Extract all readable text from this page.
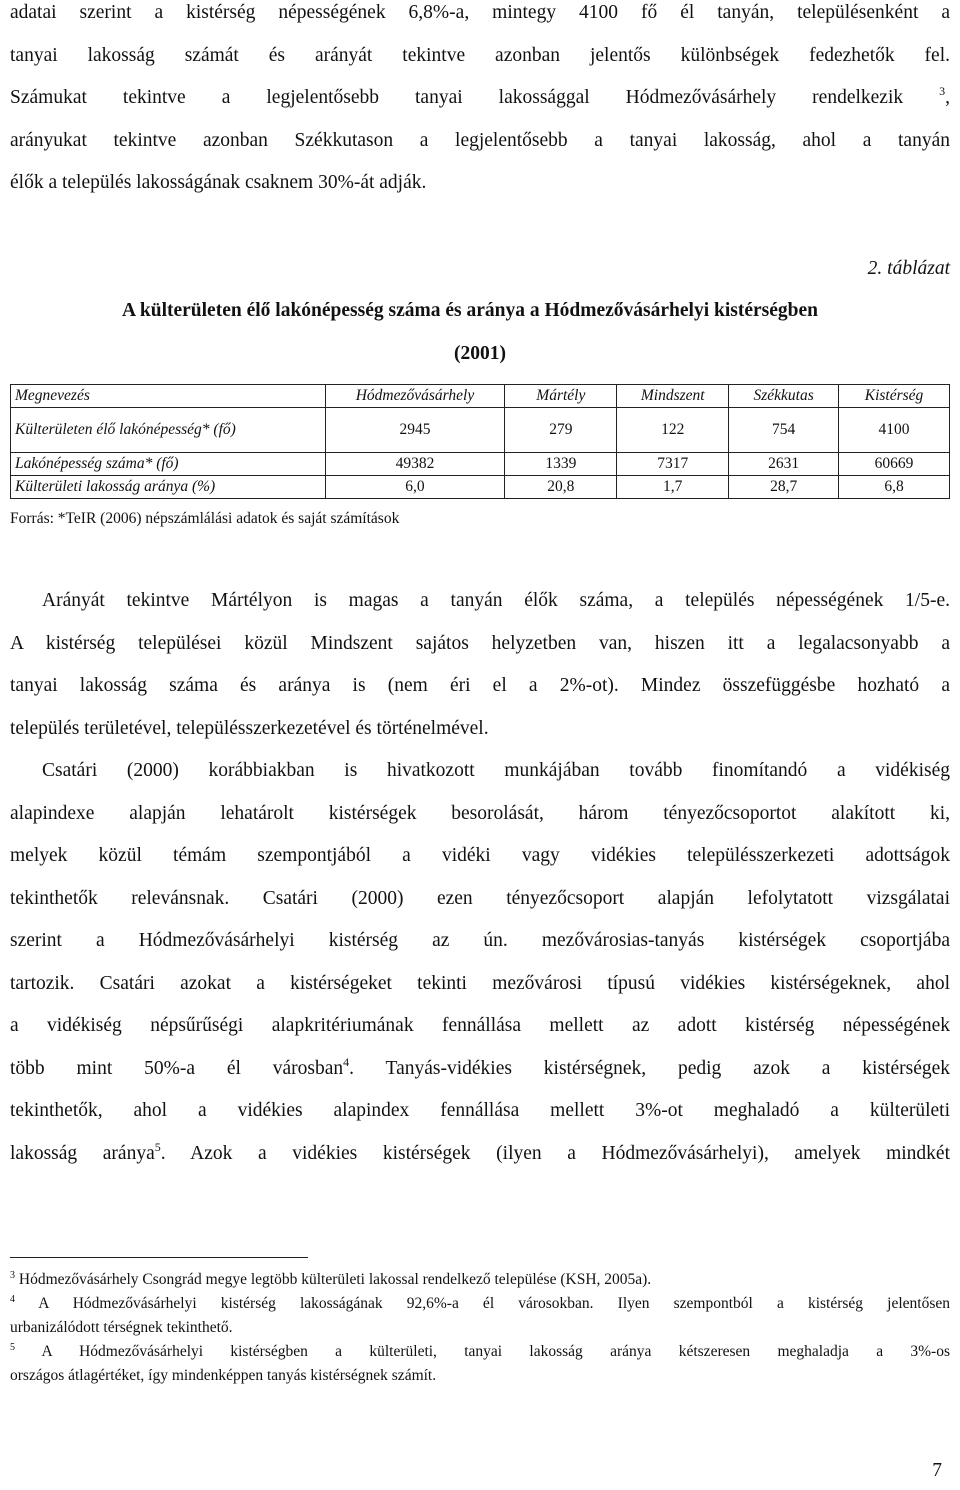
adatai szerint a kistérség népességének 6,8%-a, mintegy 4100 fő él tanyán, településenként a
tanyai lakosság számát és arányát tekintve azonban jelentős különbségek fedezhetők fel.
Számukat tekintve a legjelentősebb tanyai lakossággal Hódmezővásárhely rendelkezik	$^3$,
arányukat tekintve azonban Székkutason a legjelentősebb a tanyai lakosság, ahol a tanyán
élők a település lakosságának csaknem 30%-át adják.

2. táblázat
A külterületen élő lakónépesség száma és aránya a Hódmezővásárhelyi kistérségben
(2001)
Megnevezés	Hódmezővásárhely	Mártély	Mindszent	Székkutas	Kistérség
Külterületen élő lakónépesség* (fő)	2945	279	122	754	4100
Lakónépesség száma* (fő)	49382	1339	7317	2631	60669
Külterületi lakosság aránya (%)	6,0	20,8	1,7	28,7	6,8
Forrás: *TeIR (2006) népszámlálási adatok és saját számítások

Arányát tekintve Mártélyon is magas a tanyán élők száma, a település népességének 1/5-e.
A kistérség települései közül Mindszent sajátos helyzetben van, hiszen itt a legalacsonyabb a
tanyai lakosság száma és aránya is (nem éri el a 2%-ot). Mindez összefüggésbe hozható a
település területével, településszerkezetével és történelmével.

Csatári (2000) korábbiakban is hivatkozott munkájában tovább finomítandó a vidékiség
alapindexe alapján lehatárolt kistérségek besorolását, három tényezőcsoportot alakított ki,
melyek közül témám szempontjából a vidéki vagy vidékies településszerkezeti adottságok
tekinthetők relevánsnak. Csatári (2000) ezen tényezőcsoport alapján lefolytatott vizsgálatai
szerint a Hódmezővásárhelyi kistérség az ún. mezővárosias-tanyás kistérségek csoportjába
tartozik. Csatári azokat a kistérségeket tekinti mezővárosi típusú vidékies kistérségeknek, ahol
a vidékiség népsűrűségi alapkritériumának fennállása mellett az adott kistérség népességének
több mint 50%-a él városban$^4$. Tanyás-vidékies kistérségnek, pedig azok a kistérségek
tekinthetők, ahol a vidékies alapindex fennállása mellett 3%-ot meghaladó a külterületi
lakosság aránya$^5$. Azok a vidékies kistérségek (ilyen a Hódmezővásárhelyi), amelyek mindkét

$^3$ Hódmezővásárhely Csongrád megye legtöbb külterületi lakossal rendelkező települése (KSH, 2005a).
$^4$ A Hódmezővásárhelyi kistérség lakosságának 92,6%-a él városokban. Ilyen szempontból a kistérség jelentősen
urbanizálódott térségnek tekinthető.
$^5$ A Hódmezővásárhelyi kistérségben a külterületi, tanyai lakosság aránya kétszeresen meghaladja a 3%-os
országos átlagértéket, így mindenképpen tanyás kistérségnek számít.
7
